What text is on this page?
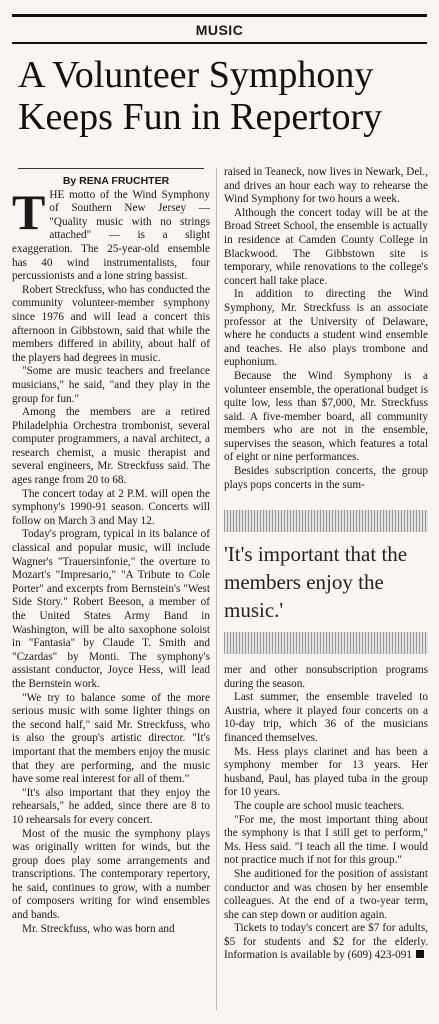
MUSIC
A Volunteer Symphony Keeps Fun in Repertory

By RENA FRUCHTER

THE motto of the Wind Symphony of Southern New Jersey — "Quality music with no strings attached" — is a slight exaggeration. The 25-year-old ensemble has 40 wind instrumentalists, four percussionists and a lone string bassist.

Robert Streckfuss, who has conducted the community volunteer-member symphony since 1976 and will lead a concert this afternoon in Gibbstown, said that while the members differed in ability, about half of the players had degrees in music.

"Some are music teachers and freelance musicians," he said, "and they play in the group for fun."

Among the members are a retired Philadelphia Orchestra trombonist, several computer programmers, a naval architect, a research chemist, a music therapist and several engineers, Mr. Streckfuss said. The ages range from 20 to 68.

The concert today at 2 P.M. will open the symphony's 1990-91 season. Concerts will follow on March 3 and May 12.

Today's program, typical in its balance of classical and popular music, will include Wagner's "Trauersinfonie," the overture to Mozart's "Impresario," "A Tribute to Cole Porter" and excerpts from Bernstein's "West Side Story." Robert Beeson, a member of the United States Army Band in Washington, will be alto saxophone soloist in "Fantasia" by Claude T. Smith and "Czardas" by Monti. The symphony's assistant conductor, Joyce Hess, will lead the Bernstein work.

"We try to balance some of the more serious music with some lighter things on the second half," said Mr. Streckfuss, who is also the group's artistic director. "It's important that the members enjoy the music that they are performing, and the music have some real interest for all of them."

"It's also important that they enjoy the rehearsals," he added, since there are 8 to 10 rehearsals for every concert.

Most of the music the symphony plays was originally written for winds, but the group does play some arrangements and transcriptions. The contemporary repertory, he said, continues to grow, with a number of composers writing for wind ensembles and bands.

Mr. Streckfuss, who was born and

raised in Teaneck, now lives in Newark, Del., and drives an hour each way to rehearse the Wind Symphony for two hours a week.

Although the concert today will be at the Broad Street School, the ensemble is actually in residence at Camden County College in Blackwood. The Gibbstown site is temporary, while renovations to the college's concert hall take place.

In addition to directing the Wind Symphony, Mr. Streckfuss is an associate professor at the University of Delaware, where he conducts a student wind ensemble and teaches. He also plays trombone and euphonium.

Because the Wind Symphony is a volunteer ensemble, the operational budget is quite low, less than $7,000, Mr. Streckfuss said. A five-member board, all community members who are not in the ensemble, supervises the season, which features a total of eight or nine performances.

Besides subscription concerts, the group plays pops concerts in the sum-

'It's important that the members enjoy the music.'

mer and other nonsubscription programs during the season.

Last summer, the ensemble traveled to Austria, where it played four concerts on a 10-day trip, which 36 of the musicians financed themselves.

Ms. Hess plays clarinet and has been a symphony member for 13 years. Her husband, Paul, has played tuba in the group for 10 years.

The couple are school music teachers.

"For me, the most important thing about the symphony is that I still get to perform," Ms. Hess said. "I teach all the time. I would not practice much if not for this group."

She auditioned for the position of assistant conductor and was chosen by her ensemble colleagues. At the end of a two-year term, she can step down or audition again.

Tickets to today's concert are $7 for adults, $5 for students and $2 for the elderly. Information is available by (609) 423-091
